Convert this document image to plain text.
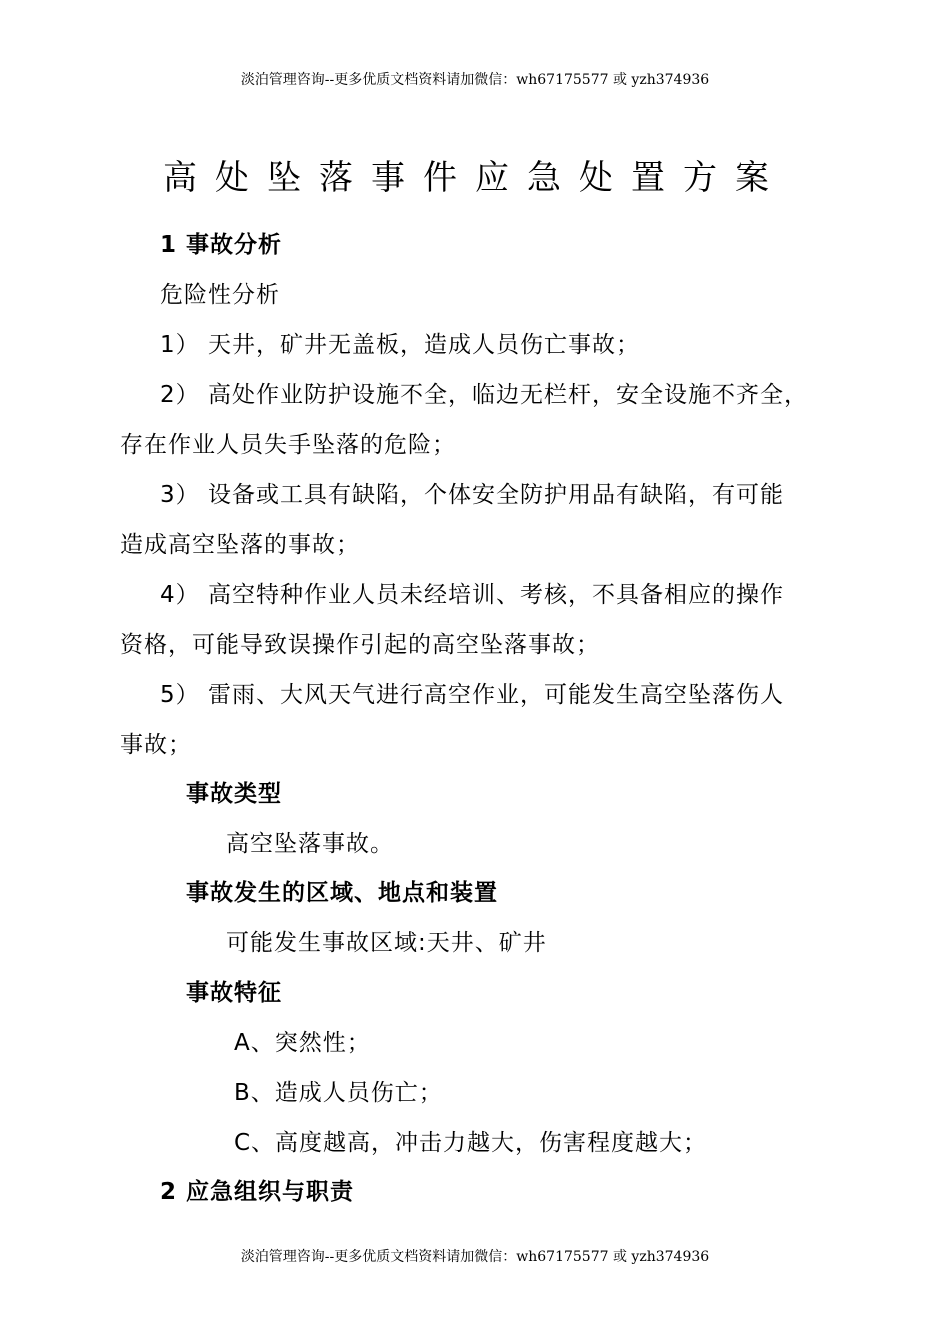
淡泊管理咨询--更多优质文档资料请加微信：wh67175577 或 yzh374936
高处坠落事件应急处置方案
1 事故分析
危险性分析
1） 天井，矿井无盖板，造成人员伤亡事故；
2） 高处作业防护设施不全，临边无栏杆，安全设施不齐全，
存在作业人员失手坠落的危险；
3） 设备或工具有缺陷，个体安全防护用品有缺陷，有可能
造成高空坠落的事故；
4） 高空特种作业人员未经培训、考核，不具备相应的操作
资格，可能导致误操作引起的高空坠落事故；
5） 雷雨、大风天气进行高空作业，可能发生高空坠落伤人
事故；
事故类型
高空坠落事故。
事故发生的区域、地点和装置
可能发生事故区域:天井、矿井
事故特征
A、突然性；
B、造成人员伤亡；
C、高度越高，冲击力越大，伤害程度越大；
2 应急组织与职责
淡泊管理咨询--更多优质文档资料请加微信：wh67175577 或 yzh374936
